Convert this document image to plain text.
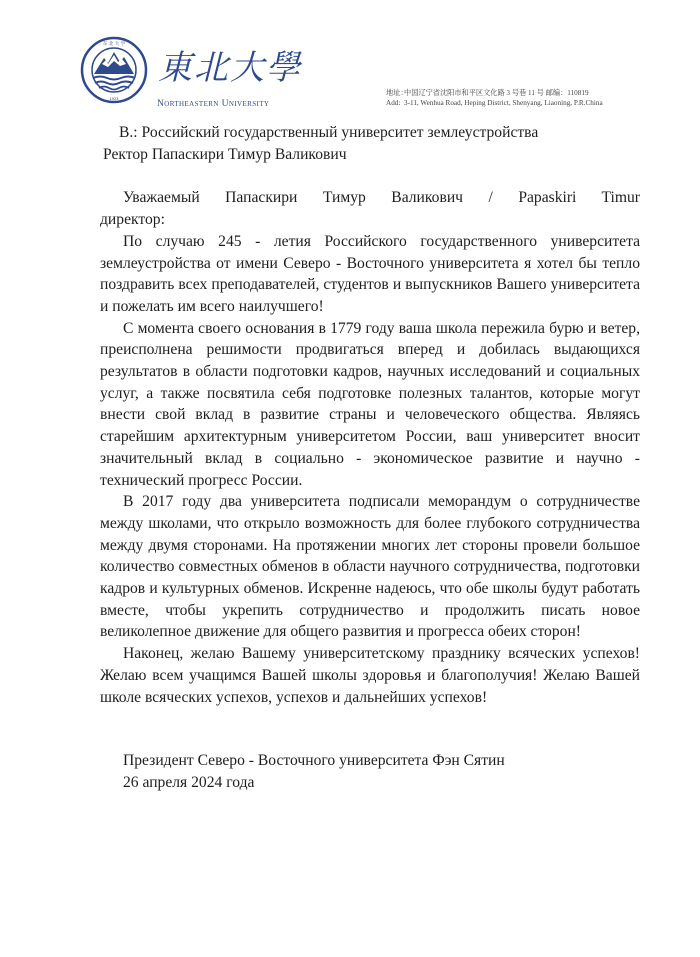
东 北 大 学
1923
東北大學
Northeastern University
地址：中国辽宁省沈阳市和平区文化路 3 号巷 11 号 邮编：110819
Add: 3-11, Wenhua Road, Heping District, Shenyang, Liaoning, P.R.China
В.: Российский государственный университет землеустройства
Ректор Папаскири Тимур Валикович
Уважаемый Папаскири Тимур Валикович / Papaskiri Timur
директор:

По случаю 245 - летия Российского государственного университета землеустройства от имени Северо - Восточного университета я хотел бы тепло поздравить всех преподавателей, студентов и выпускников Вашего университета и пожелать им всего наилучшего!

С момента своего основания в 1779 году ваша школа пережила бурю и ветер, преисполнена решимости продвигаться вперед и добилась выдающихся результатов в области подготовки кадров, научных исследований и социальных услуг, а также посвятила себя подготовке полезных талантов, которые могут внести свой вклад в развитие страны и человеческого общества. Являясь старейшим архитектурным университетом России, ваш университет вносит значительный вклад в социально - экономическое развитие и научно - технический прогресс России.

В 2017 году два университета подписали меморандум о сотрудничестве между школами, что открыло возможность для более глубокого сотрудничества между двумя сторонами. На протяжении многих лет стороны провели большое количество совместных обменов в области научного сотрудничества, подготовки кадров и культурных обменов. Искренне надеюсь, что обе школы будут работать вместе, чтобы укрепить сотрудничество и продолжить писать новое великолепное движение для общего развития и прогресса обеих сторон!

Наконец, желаю Вашему университетскому празднику всяческих успехов! Желаю всем учащимся Вашей школы здоровья и благополучия! Желаю Вашей школе всяческих успехов, успехов и дальнейших успехов!

Президент Северо - Восточного университета Фэн Сятин
26 апреля 2024 года
